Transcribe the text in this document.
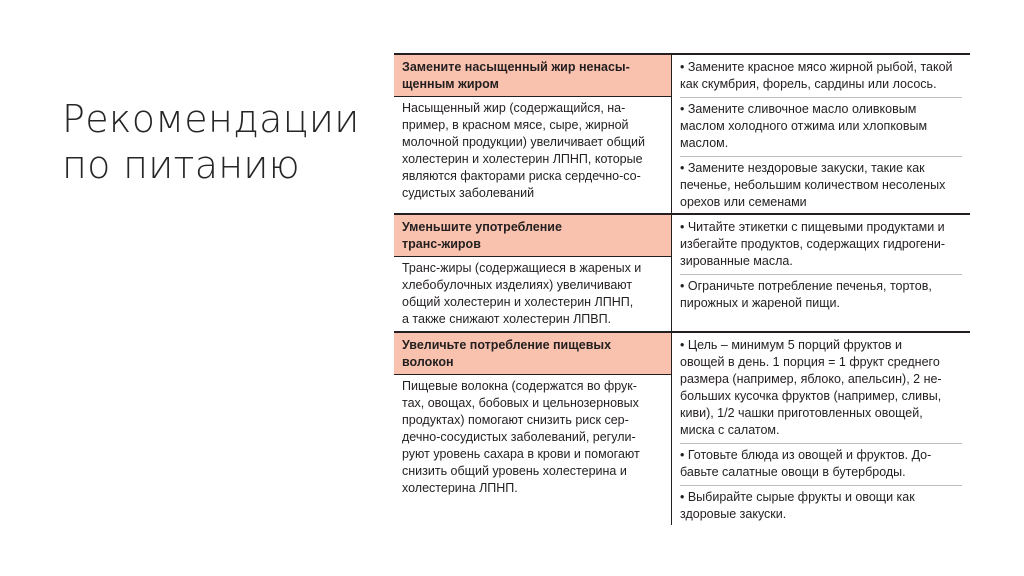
Рекомендации
по питанию
Замените насыщенный жир ненасы-
щенным жиром
Насыщенный жир (содержащийся, на-
пример, в красном мясе, сыре, жирной
молочной продукции) увеличивает общий
холестерин и холестерин ЛПНП, которые
являются факторами риска сердечно-со-
судистых заболеваний
• Замените красное мясо жирной рыбой, такой
как скумбрия, форель, сардины или лосось.
• Замените сливочное масло оливковым
маслом холодного отжима или хлопковым
маслом.
• Замените нездоровые закуски, такие как
печенье, небольшим количеством несоленых
орехов или семенами
Уменьшите употребление
транс-жиров
Транс-жиры (содержащиеся в жареных и
хлебобулочных изделиях) увеличивают
общий холестерин и холестерин ЛПНП,
а также снижают холестерин ЛПВП.
• Читайте этикетки с пищевыми продуктами и
избегайте продуктов, содержащих гидрогени-
зированные масла.
• Ограничьте потребление печенья, тортов,
пирожных и жареной пищи.
Увеличьте потребление пищевых
волокон
Пищевые волокна (содержатся во фрук-
тах, овощах, бобовых и цельнозерновых
продуктах) помогают снизить риск сер-
дечно-сосудистых заболеваний, регули-
руют уровень сахара в крови и помогают
снизить общий уровень холестерина и
холестерина ЛПНП.
• Цель – минимум 5 порций фруктов и
овощей в день. 1 порция = 1 фрукт среднего
размера (например, яблоко, апельсин), 2 не-
больших кусочка фруктов (например, сливы,
киви), 1/2 чашки приготовленных овощей,
миска с салатом.
• Готовьте блюда из овощей и фруктов. До-
бавьте салатные овощи в бутерброды.
• Выбирайте сырые фрукты и овощи как
здоровые закуски.
